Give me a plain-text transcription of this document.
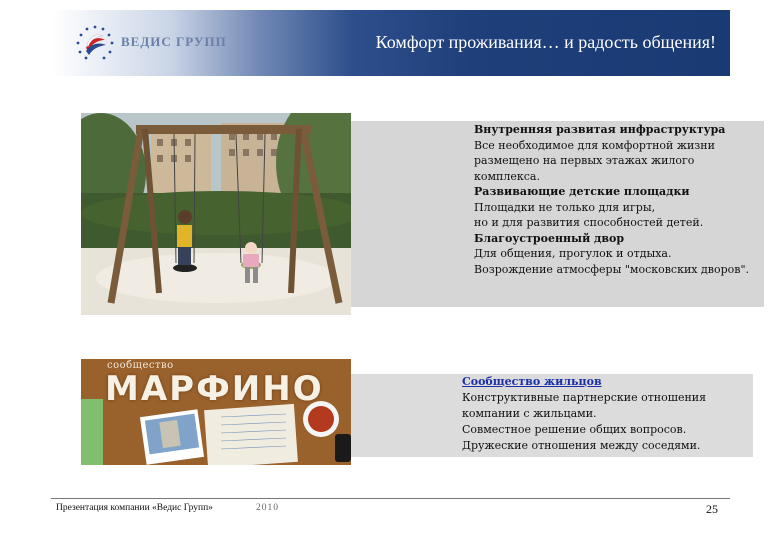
ВЕДИС ГРУПП	Комфорт проживания… и радость общения!
Внутренняя развитая инфраструктура
Все необходимое для комфортной жизни
размещено на первых этажах жилого
комплекса.
Развивающие детские площадки
Площадки не только для игры,
но и для развития способностей детей.
Благоустроенный двор
Для общения, прогулок и отдыха.
Возрождение атмосферы "московских дворов".
сообщество
МАРФИНО	Сообщество жильцов
Конструктивные партнерские отношения
компании с жильцами.
Совместное решение общих вопросов.
Дружеские отношения между соседями.
Презентация компании «Ведис Групп»	2010	25
